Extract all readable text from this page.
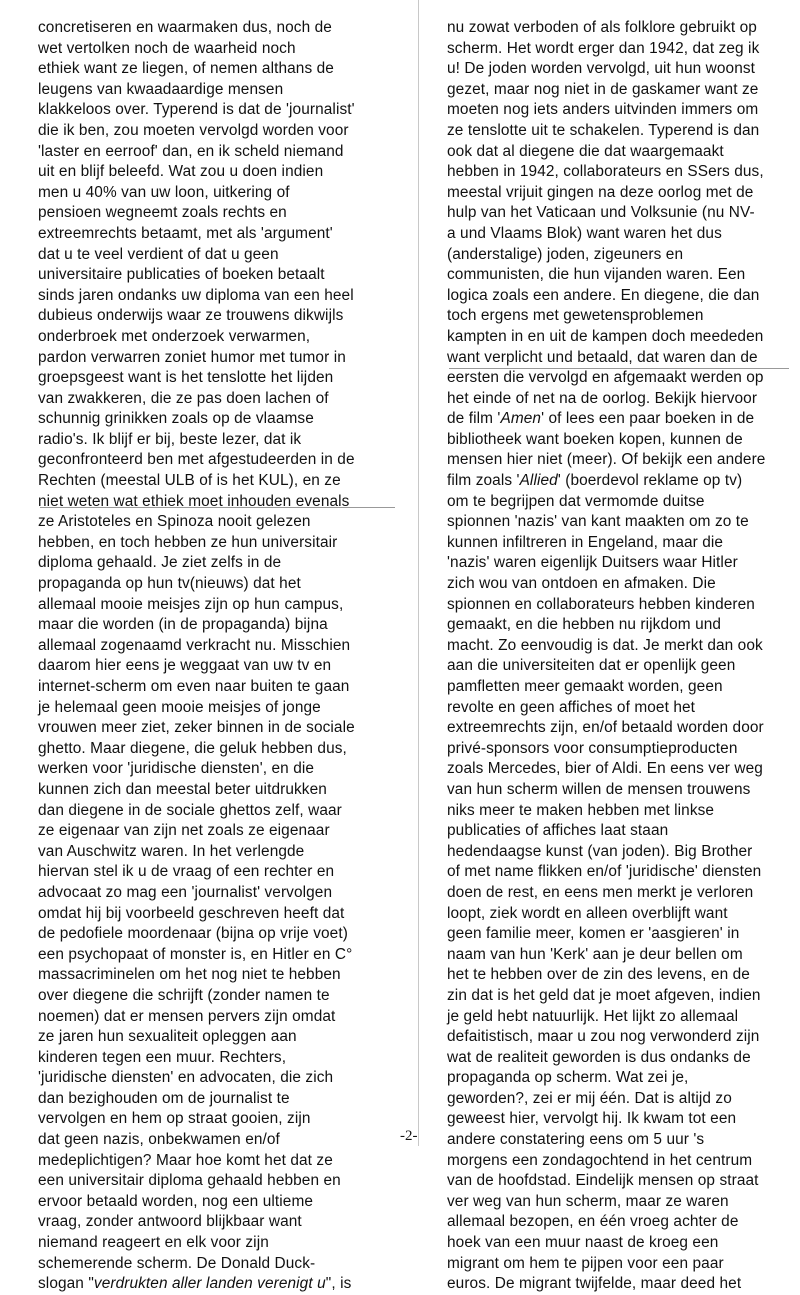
concretiseren en waarmaken dus, noch de
wet vertolken noch de waarheid noch
ethiek want ze liegen, of nemen althans de
leugens van kwaadaardige mensen
klakkeloos over. Typerend is dat de 'journalist'
die ik ben, zou moeten vervolgd worden voor
'laster en eerroof' dan, en ik scheld niemand
uit en blijf beleefd. Wat zou u doen indien
men u 40% van uw loon, uitkering of
pensioen wegneemt zoals rechts en
extreemrechts betaamt, met als 'argument'
dat u te veel verdient of dat u geen
universitaire publicaties of boeken betaalt
sinds jaren ondanks uw diploma van een heel
dubieus onderwijs waar ze trouwens dikwijls
onderbroek met onderzoek verwarmen,
pardon verwarren zoniet humor met tumor in
groepsgeest want is het tenslotte het lijden
van zwakkeren, die ze pas doen lachen of
schunnig grinikken zoals op de vlaamse
radio's. Ik blijf er bij, beste lezer, dat ik
geconfronteerd ben met afgestudeerden in de
Rechten (meestal ULB of is het KUL), en ze
niet weten wat ethiek moet inhouden evenals
ze Aristoteles en Spinoza nooit gelezen
hebben, en toch hebben ze hun universitair
diploma gehaald. Je ziet zelfs in de
propaganda op hun tv(nieuws) dat het
allemaal mooie meisjes zijn op hun campus,
maar die worden (in de propaganda) bijna
allemaal zogenaamd verkracht nu. Misschien
daarom hier eens je weggaat van uw tv en
internet-scherm om even naar buiten te gaan
je helemaal geen mooie meisjes of jonge
vrouwen meer ziet, zeker binnen in de sociale
ghetto. Maar diegene, die geluk hebben dus,
werken voor 'juridische diensten', en die
kunnen zich dan meestal beter uitdrukken
dan diegene in de sociale ghettos zelf, waar
ze eigenaar van zijn net zoals ze eigenaar
van Auschwitz waren. In het verlengde
hiervan stel ik u de vraag of een rechter en
advocaat zo mag een 'journalist' vervolgen
omdat hij bij voorbeeld geschreven heeft dat
de pedofiele moordenaar (bijna op vrije voet)
een psychopaat of monster is, en Hitler en C°
massacriminelen om het nog niet te hebben
over diegene die schrijft (zonder namen te
noemen) dat er mensen pervers zijn omdat
ze jaren hun sexualiteit opleggen aan
kinderen tegen een muur. Rechters,
'juridische diensten' en advocaten, die zich
dan bezighouden om de journalist te
vervolgen en hem op straat gooien, zijn
dat geen nazis, onbekwamen en/of
medeplichtigen? Maar hoe komt het dat ze
een universitair diploma gehaald hebben en
ervoor betaald worden, nog een ultieme
vraag, zonder antwoord blijkbaar want
niemand reageert en elk voor zijn
schemerende scherm. De Donald Duck-
slogan "verdrukten aller landen verenigt u", is
nu zowat verboden of als folklore gebruikt op
scherm. Het wordt erger dan 1942, dat zeg ik
u! De joden worden vervolgd, uit hun woonst
gezet, maar nog niet in de gaskamer want ze
moeten nog iets anders uitvinden immers om
ze tenslotte uit te schakelen. Typerend is dan
ook dat al diegene die dat waargemaakt
hebben in 1942, collaborateurs en SSers dus,
meestal vrijuit gingen na deze oorlog met de
hulp van het Vaticaan und Volksunie (nu NV-
a und Vlaams Blok) want waren het dus
(anderstalige) joden, zigeuners en
communisten, die hun vijanden waren. Een
logica zoals een andere. En diegene, die dan
toch ergens met gewetensproblemen
kampten in en uit de kampen doch meededen
want verplicht und betaald, dat waren dan de
eersten die vervolgd en afgemaakt werden op
het einde of net na de oorlog. Bekijk hiervoor
de film 'Amen' of lees een paar boeken in de
bibliotheek want boeken kopen, kunnen de
mensen hier niet (meer). Of bekijk een andere
film zoals 'Allied' (boerdevol reklame op tv)
om te begrijpen dat vermomde duitse
spionnen 'nazis' van kant maakten om zo te
kunnen infiltreren in Engeland, maar die
'nazis' waren eigenlijk Duitsers waar Hitler
zich wou van ontdoen en afmaken. Die
spionnen en collaborateurs hebben kinderen
gemaakt, en die hebben nu rijkdom und
macht. Zo eenvoudig is dat. Je merkt dan ook
aan die universiteiten dat er openlijk geen
pamfletten meer gemaakt worden, geen
revolte en geen affiches of moet het
extreemrechts zijn, en/of betaald worden door
privé-sponsors voor consumptieproducten
zoals Mercedes, bier of Aldi. En eens ver weg
van hun scherm willen de mensen trouwens
niks meer te maken hebben met linkse
publicaties of affiches laat staan
hedendaagse kunst (van joden). Big Brother
of met name flikken en/of 'juridische' diensten
doen de rest, en eens men merkt je verloren
loopt, ziek wordt en alleen overblijft want
geen familie meer, komen er 'aasgieren' in
naam van hun 'Kerk' aan je deur bellen om
het te hebben over de zin des levens, en de
zin dat is het geld dat je moet afgeven, indien
je geld hebt natuurlijk. Het lijkt zo allemaal
defaitistisch, maar u zou nog verwonderd zijn
wat de realiteit geworden is dus ondanks de
propaganda op scherm. Wat zei je,
geworden?, zei er mij één. Dat is altijd zo
geweest hier, vervolgt hij. Ik kwam tot een
andere constatering eens om 5 uur 's
morgens een zondagochtend in het centrum
van de hoofdstad. Eindelijk mensen op straat
ver weg van hun scherm, maar ze waren
allemaal bezopen, en één vroeg achter de
hoek van een muur naast de kroeg een
migrant om hem te pijpen voor een paar
euros. De migrant twijfelde, maar deed het
-2-
